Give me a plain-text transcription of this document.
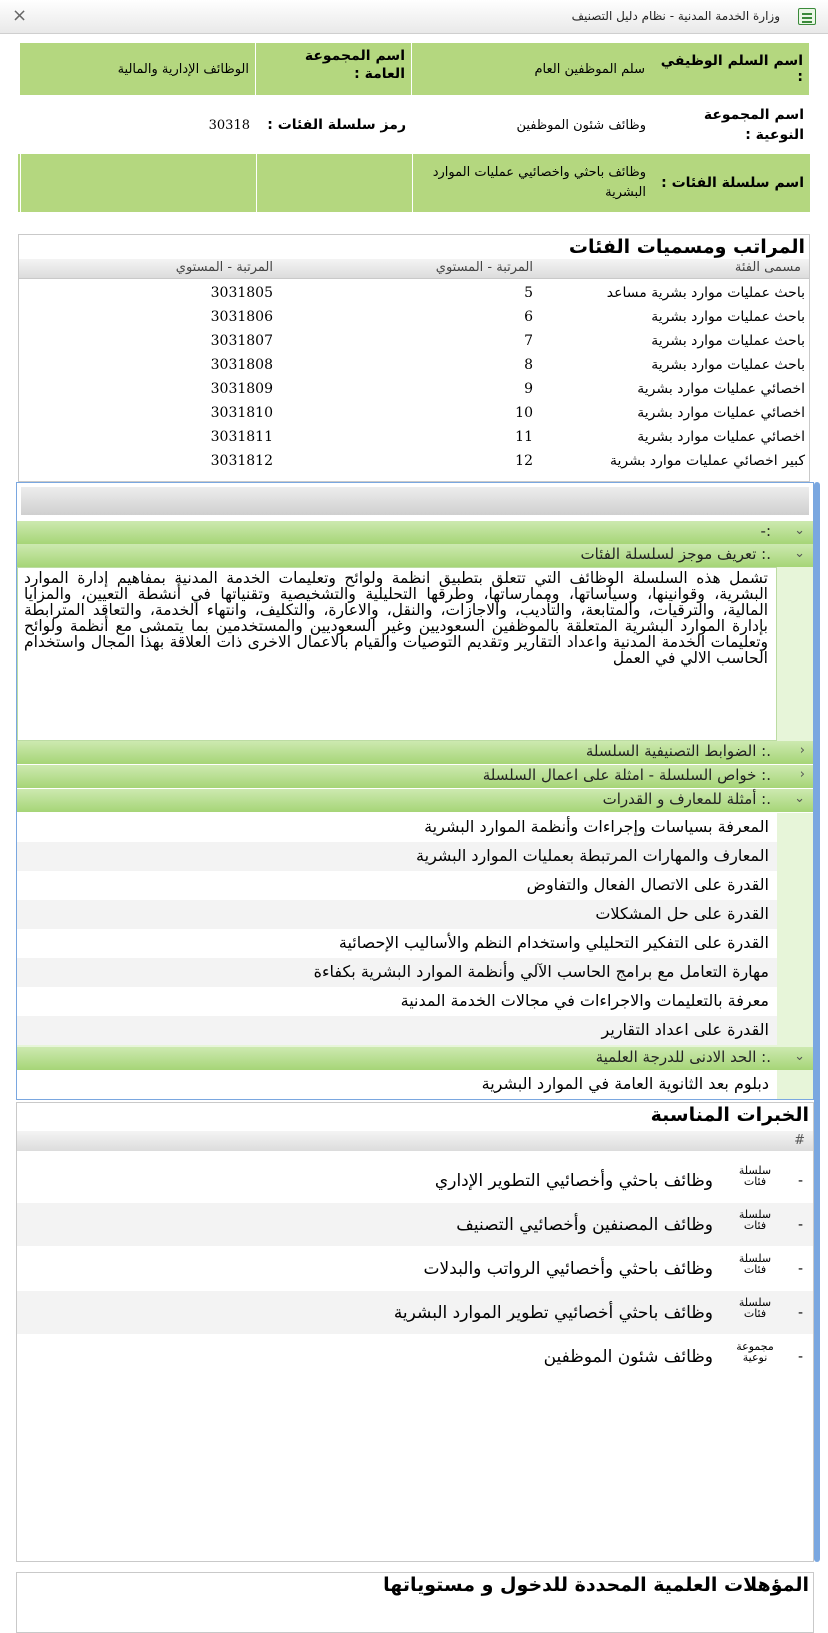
وزارة الخدمة المدنية - نظام دليل التصنيف
×
اسم السلم الوظيفي :
سلم الموظفين العام
اسم المجموعة العامة :
الوظائف الإدارية والمالية
اسم المجموعة النوعية :
وظائف شئون الموظفين
رمز سلسلة الفئات :
30318
اسم سلسلة الفئات :
وظائف باحثي واخصائيي عمليات الموارد البشرية
المراتب ومسميات الفئات
مسمى الفئة
المرتبة - المستوي
المرتبة - المستوي
باحث عمليات موارد بشرية مساعد
5
3031805
باحث عمليات موارد بشرية
6
3031806
باحث عمليات موارد بشرية
7
3031807
باحث عمليات موارد بشرية
8
3031808
اخصائي عمليات موارد بشرية
9
3031809
اخصائي عمليات موارد بشرية
10
3031810
اخصائي عمليات موارد بشرية
11
3031811
كبير اخصائي عمليات موارد بشرية
12
3031812
⌄
:-
⌄
.: تعريف موجز لسلسلة الفئات
تشمل هذه السلسلة الوظائف التي تتعلق بتطبيق انظمة ولوائح وتعليمات الخدمة المدنية بمفاهيم إدارة الموارد البشرية، وقوانينها، وسياساتها، وممارساتها، وطرقها التحليلية والتشخيصية وتقنياتها في أنشطة التعيين، والمزايا المالية، والترقيات، والمتابعة، والتأديب، والاجازات، والنقل، والاعارة، والتكليف، وانتهاء الخدمة، والتعاقد المترابطة بإدارة الموارد البشرية المتعلقة بالموظفين السعوديين وغير السعوديين والمستخدمين بما يتمشى مع أنظمة ولوائح وتعليمات الخدمة المدنية واعداد التقارير وتقديم التوصيات والقيام بالاعمال الاخرى ذات العلاقة بهذا المجال واستخدام الحاسب الالي في العمل
‹
.: الضوابط التصنيفية السلسلة
‹
.: خواص السلسلة - امثلة على اعمال السلسلة
⌄
.: أمثلة للمعارف و القدرات
المعرفة بسياسات وإجراءات وأنظمة الموارد البشرية
المعارف والمهارات المرتبطة بعمليات الموارد البشرية
القدرة على الاتصال الفعال والتفاوض
القدرة على حل المشكلات
القدرة على التفكير التحليلي واستخدام النظم والأساليب الإحصائية
مهارة التعامل مع برامج الحاسب الآلي وأنظمة الموارد البشرية بكفاءة
معرفة بالتعليمات والاجراءات في مجالات الخدمة المدنية
القدرة على اعداد التقارير
⌄
.: الحد الادنى للدرجة العلمية
دبلوم بعد الثانوية العامة في الموارد البشرية
الخبرات المناسبة
#
-
سلسلة فئات
وظائف باحثي وأخصائيي التطوير الإداري
-
سلسلة فئات
وظائف المصنفين وأخصائيي التصنيف
-
سلسلة فئات
وظائف باحثي وأخصائيي الرواتب والبدلات
-
سلسلة فئات
وظائف باحثي أخصائيي تطوير الموارد البشرية
-
مجموعة نوعية
وظائف شئون الموظفين
المؤهلات العلمية المحددة للدخول و مستوياتها
